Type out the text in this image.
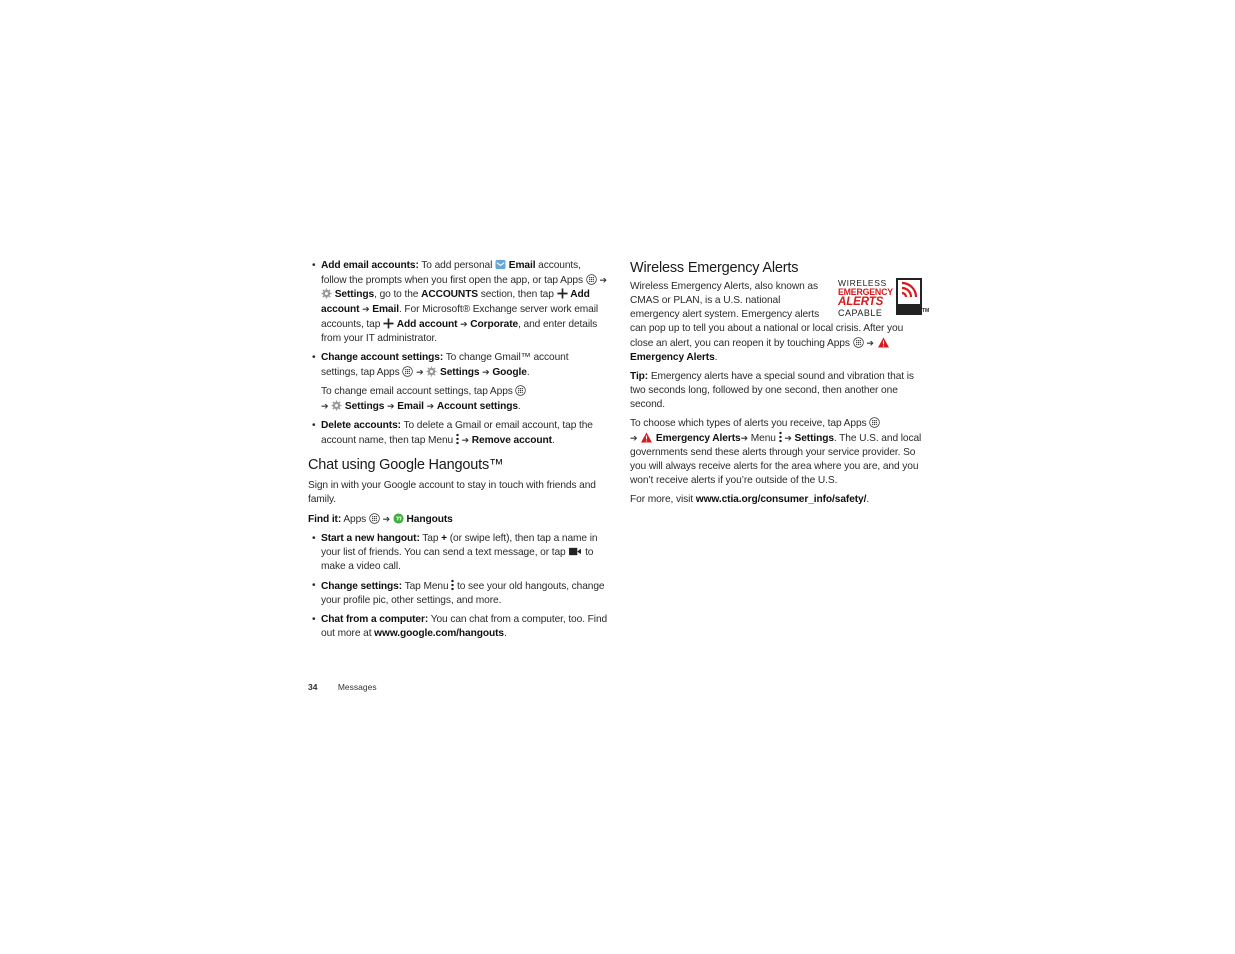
• Add email accounts: To add personal Email accounts, follow the prompts when you first open the app, or tap Apps ➔  Settings, go to the ACCOUNTS section, then tap Add account ➔ Email. For Microsoft® Exchange server work email accounts, tap Add account ➔ Corporate, and enter details from your IT administrator.
• Change account settings: To change Gmail™ account settings, tap Apps ➔ Settings ➔ Google.
To change email account settings, tap Apps
➔ Settings ➔ Email ➔ Account settings.
• Delete accounts: To delete a Gmail or email account, tap the account name, then tap Menu ➔ Remove account.
Chat using Google Hangouts™

Sign in with your Google account to stay in touch with friends and family.

Find it: Apps ➔ Hangouts

• Start a new hangout: Tap + (or swipe left), then tap a name in your list of friends. You can send a text message, or tap to make a video call.
• Change settings: Tap Menu to see your old hangouts, change your profile pic, other settings, and more.
• Chat from a computer: You can chat from a computer, too. Find out more at www.google.com/hangouts.
Wireless Emergency Alerts

WIRELESS
EMERGENCY
ALERTS
CAPABLE	TM
Wireless Emergency Alerts, also known as CMAS or PLAN, is a U.S. national emergency alert system. Emergency alerts can pop up to tell you about a national or local crisis. After you close an alert, you can reopen it by touching Apps ➔  Emergency Alerts.

Tip: Emergency alerts have a special sound and vibration that is two seconds long, followed by one second, then another one second.

To choose which types of alerts you receive, tap Apps
➔ Emergency Alerts➔ Menu ➔ Settings. The U.S. and local governments send these alerts through your service provider. So you will always receive alerts for the area where you are, and you won’t receive alerts if you’re outside of the U.S.

For more, visit www.ctia.org/consumer_info/safety/.

34 Messages
